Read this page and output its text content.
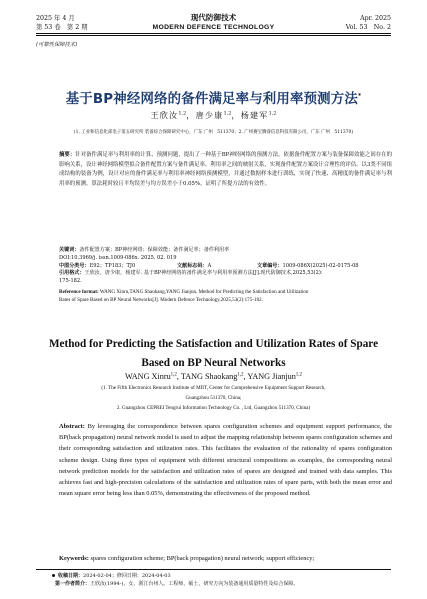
2025 年 4 月
第 53 卷　第 2 期
现代防御技术
MODERN DEFENCE TECHNOLOGY
Apr. 2025
Vol. 53　No. 2
(可靠性保障技术)
基于BP神经网络的备件满足率与利用率预测方法*
王欣汝$^{1,2}$，唐少康$^{1,2}$，杨建军$^{1,2}$
(1. 工业和信息化部电子第五研究所 装备综合保障研究中心，广东 广州　511370；2. 广州赛宝腾睿信息科技有限公司，广东 广州　511370)
摘要：针对备件满足率与利用率的计算、预测问题，提出了一种基于BP神经网络的预测方法。依据备件配置方案与装备保障效能之间存在的影响关系，设计神经网络模型拟合备件配置方案与备件满足率、利用率之间的映射关系，实现备件配置方案设计合理性的评估。以3类不同组成结构的装备为例，设计对应的备件满足率与利用率神经网络预测模型，并通过数据样本进行训练，实现了快速、高精度的备件满足率与利用率的预测。算法耗时较且平均误差与均方误差小于0.05%，证明了所提方法的有效性。
关键词：备件配置方案；BP神经网络；保障效能；备件满足率；备件利用率
DOI:10.3969/j. issn.1009-086x. 2025. 02. 019
中图分类号：E92；TP183；TJ0	文献标志码：A	文章编号：1009-086X(2025)-02-0175-08
引用格式：王欣汝，唐少康，杨建军. 基于BP神经网络的备件满足率与利用率预测方法[J].现代防御技术,2025,53(2):
175-182.
Reference format: WANG Xinru,TANG Shaokang,YANG Jianjun. Method for Predicting the Satisfaction and Utilization
Rates of Spare Based on BP Neural Networks[J]. Modern Defence Technology,2025,53(2):175-182.
Method for Predicting the Satisfaction and Utilization Rates of Spare
Based on BP Neural Networks
WANG Xinru$^{1,2}$, TANG Shaokang$^{1,2}$, YANG Jianjun$^{1,2}$
(1. The Fifth Electronics Research Institute of MIIT, Center for Comprehensive Equipment Support Research,
Guangzhou 511370, China;
2. Guangzhou CEPREI Tengrui Information Technology Co. , Ltd, Guangzhou 511370, China)
Abstract: By leveraging the correspondence between spares configuration schemes and equipment support performance, the BP(back propagation) neural network model is used to adjust the mapping relationship between spares configuration schemes and their corresponding satisfaction and utilization rates. This facilitates the evaluation of the rationality of spares configuration scheme design. Using three types of equipment with different structural compositions as examples, the corresponding neural network prediction models for the satisfaction and utilization rates of spares are designed and trained with data samples. This achieves fast and high-precision calculations of the satisfaction and utilization rates of spare parts, with both the mean error and mean square error being less than 0.05%, demonstrating the effectiveness of the proposed method.
Keywords: spares configuration scheme; BP(back propagation) neural network; support efficiency;
收稿日期：2024-02-04；修回日期：2024-04-03
第一作者简介：王欣汝(1994-)，女，浙江台州人。工程师，硕士，研究方向为装备通用质量特性及综合保障。
